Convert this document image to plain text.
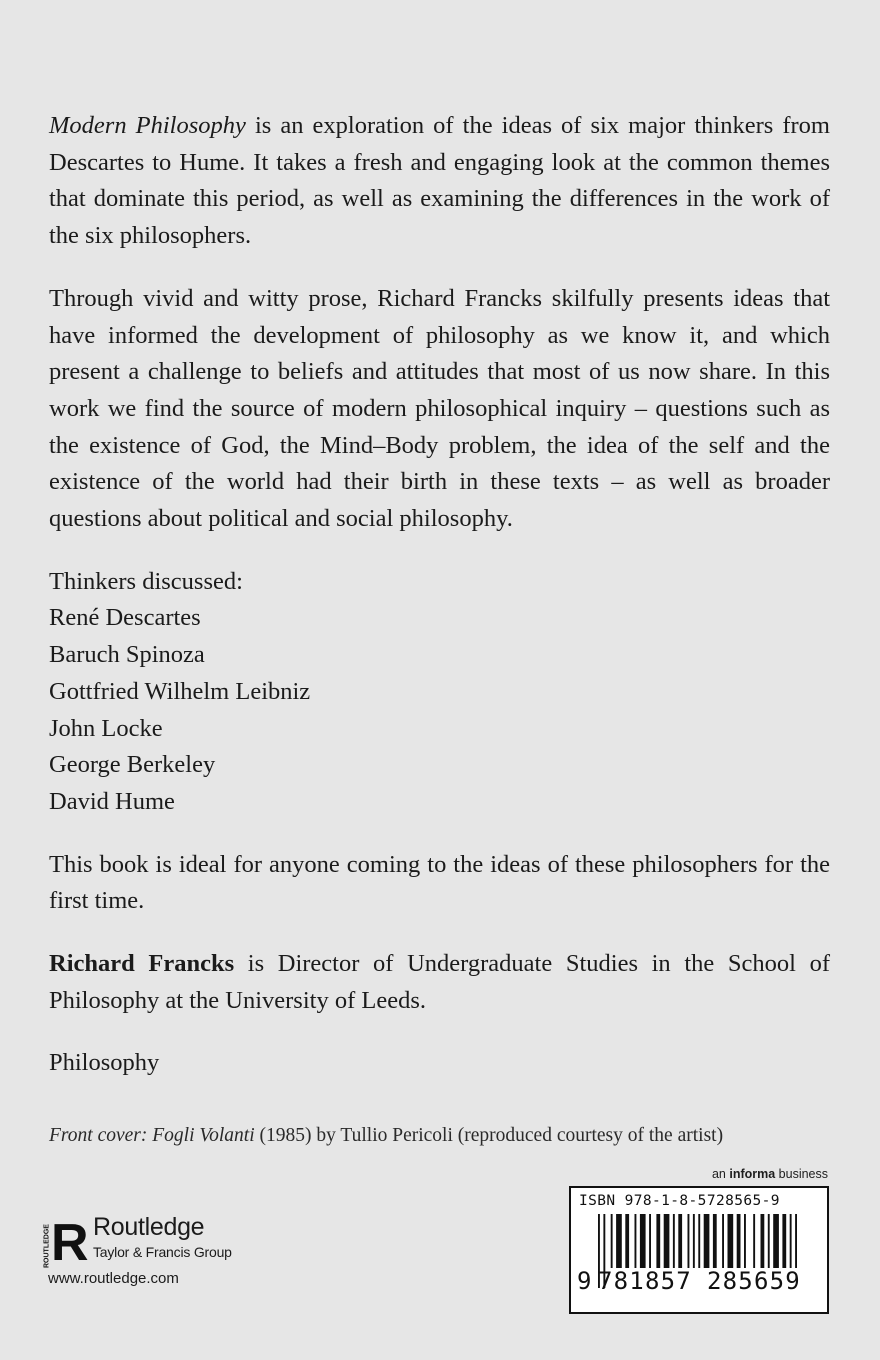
Modern Philosophy is an exploration of the ideas of six major thinkers from Descartes to Hume. It takes a fresh and engaging look at the common themes that dominate this period, as well as examining the differences in the work of the six philosophers.

Through vivid and witty prose, Richard Francks skilfully presents ideas that have informed the development of philosophy as we know it, and which present a challenge to beliefs and attitudes that most of us now share. In this work we find the source of modern philosophical inquiry – questions such as the existence of God, the Mind–Body problem, the idea of the self and the existence of the world had their birth in these texts – as well as broader questions about political and social philosophy.

Thinkers discussed:

René Descartes
Baruch Spinoza
Gottfried Wilhelm Leibniz
John Locke
George Berkeley
David Hume

This book is ideal for anyone coming to the ideas of these philosophers for the first time.

Richard Francks is Director of Undergraduate Studies in the School of Philosophy at the University of Leeds.

Philosophy

Front cover: Fogli Volanti (1985) by Tullio Pericoli (reproduced courtesy of the artist)
an informa business
ROUTLEDGE R Routledge
Taylor & Francis Group
www.routledge.com
ISBN 978-1-8-5728565-9
9 781857 285659
